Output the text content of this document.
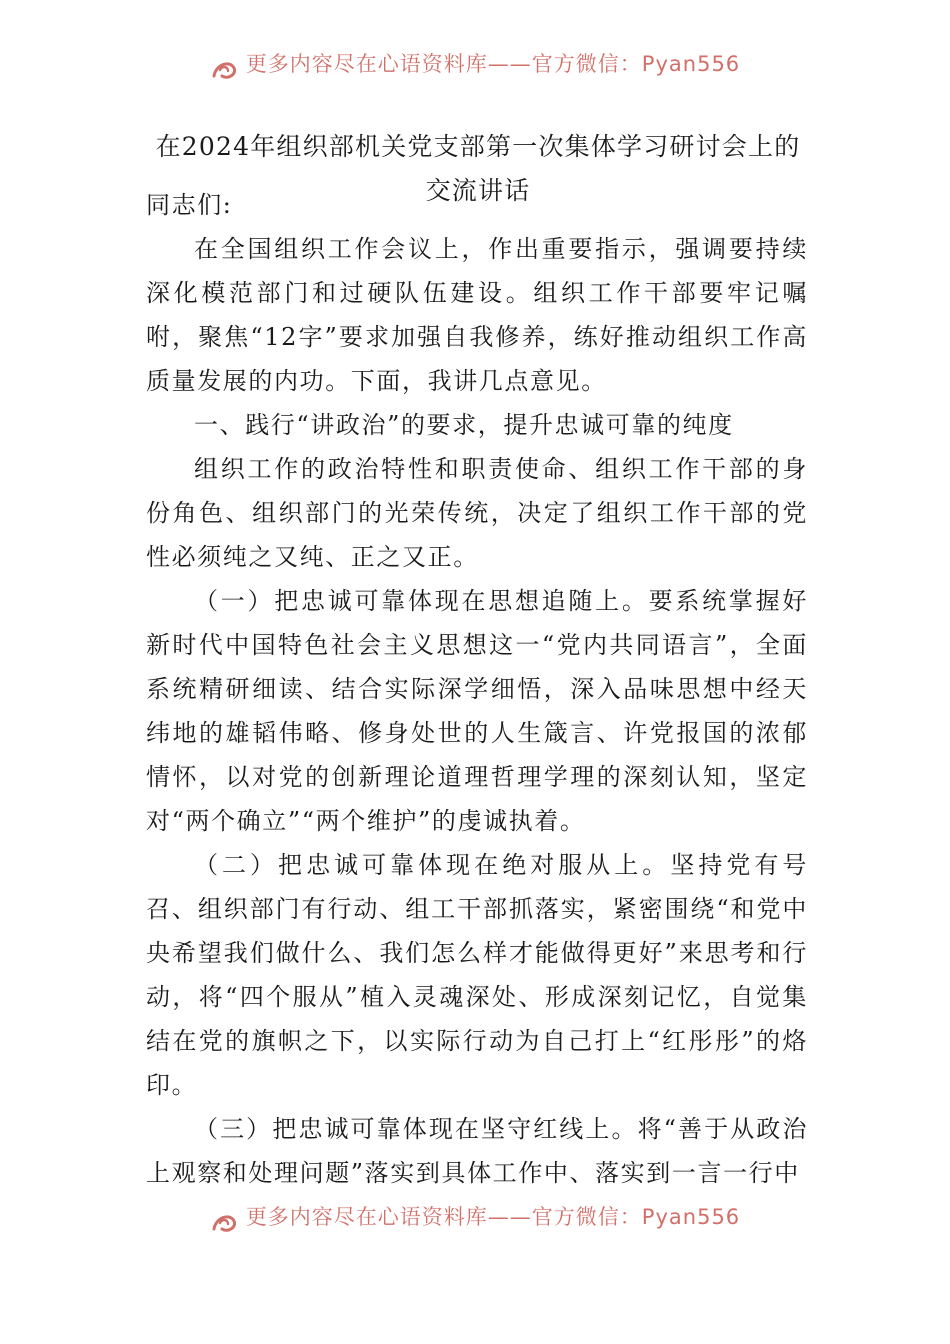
更多内容尽在心语资料库——官方微信：Pyan556
在2024年组织部机关党支部第一次集体学习研讨会上的交流讲话

同志们:

在全国组织工作会议上，作出重要指示，强调要持续深化模范部门和过硬队伍建设。组织工作干部要牢记嘱咐，聚焦“12字”要求加强自我修养，练好推动组织工作高质量发展的内功。下面，我讲几点意见。

一、践行“讲政治”的要求，提升忠诚可靠的纯度

组织工作的政治特性和职责使命、组织工作干部的身份角色、组织部门的光荣传统，决定了组织工作干部的党性必须纯之又纯、正之又正。

（一）把忠诚可靠体现在思想追随上。要系统掌握好新时代中国特色社会主义思想这一“党内共同语言”，全面系统精研细读、结合实际深学细悟，深入品味思想中经天纬地的雄韬伟略、修身处世的人生箴言、许党报国的浓郁情怀，以对党的创新理论道理哲理学理的深刻认知，坚定对“两个确立”“两个维护”的虔诚执着。

（二）把忠诚可靠体现在绝对服从上。坚持党有号召、组织部门有行动、组工干部抓落实，紧密围绕“和党中央希望我们做什么、我们怎么样才能做得更好”来思考和行动，将“四个服从”植入灵魂深处、形成深刻记忆，自觉集结在党的旗帜之下，以实际行动为自己打上“红彤彤”的烙印。

（三）把忠诚可靠体现在坚守红线上。将“善于从政治上观察和处理问题”落实到具体工作中、落实到一言一行中

更多内容尽在心语资料库——官方微信：Pyan556
